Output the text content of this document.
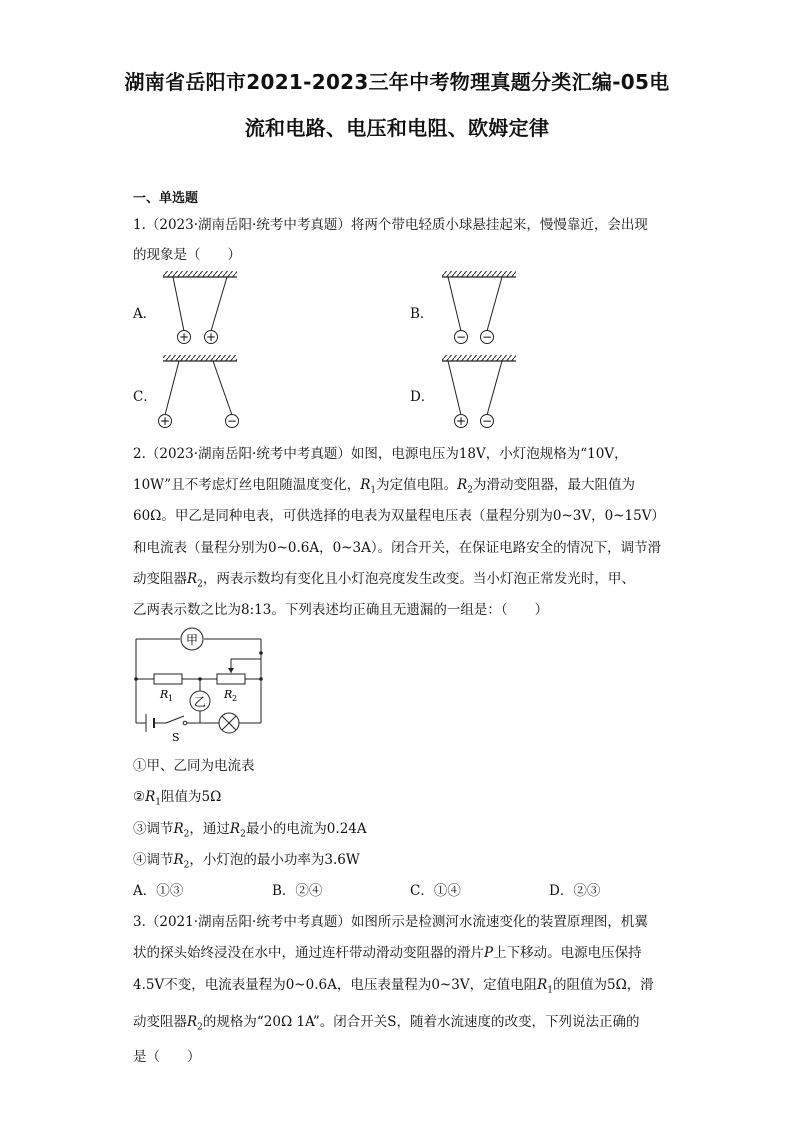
湖南省岳阳市2021-2023三年中考物理真题分类汇编-05电
流和电路、电压和电阻、欧姆定律
一、单选题
1.（2023·湖南岳阳·统考中考真题）将两个带电轻质小球悬挂起来，慢慢靠近，会出现
的现象是（　　）
A．
+ +
B．
− −
C．
+	−
D．
+ −
2.（2023·湖南岳阳·统考中考真题）如图，电源电压为18V，小灯泡规格为“10V，
10W”且不考虑灯丝电阻随温度变化，$R_1$为定值电阻。$R_2$为滑动变阻器，最大阻值为
60Ω。甲乙是同种电表，可供选择的电表为双量程电压表（量程分别为0~3V，0~15V）
和电流表（量程分别为0~0.6A，0~3A）。闭合开关，在保证电路安全的情况下，调节滑
动变阻器$R_2$，两表示数均有变化且小灯泡亮度发生改变。当小灯泡正常发光时，甲、
乙两表示数之比为8:13。下列表述均正确且无遗漏的一组是：（　　）
甲
乙
R 1	R 2
S
①甲、乙同为电流表
$②R_1$阻值为5Ω
③调节$R_2$，通过$R_2$最小的电流为0.24A
④调节$R_2$，小灯泡的最小功率为3.6W
A．①③	B．②④	C．①④	D．②③
3.（2021·湖南岳阳·统考中考真题）如图所示是检测河水流速变化的装置原理图，机翼
状的探头始终浸没在水中，通过连杆带动滑动变阻器的滑片P上下移动。电源电压保持
4.5V不变，电流表量程为0~0.6A，电压表量程为0~3V，定值电阻$R_1$的阻值为5Ω，滑
动变阻器$R_2$的规格为“20Ω 1A”。闭合开关S，随着水流速度的改变，下列说法正确的
是（　　）
